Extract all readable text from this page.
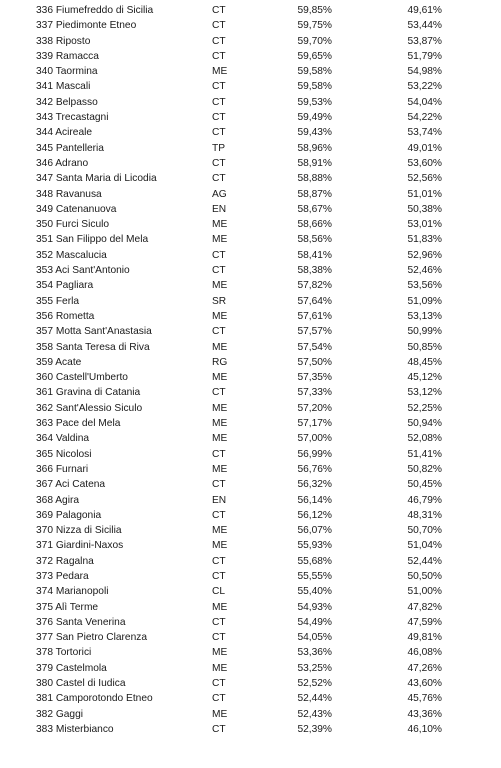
336 Fiumefreddo di Sicilia	CT	59,85%	49,61%
337 Piedimonte Etneo	CT	59,75%	53,44%
338 Riposto	CT	59,70%	53,87%
339 Ramacca	CT	59,65%	51,79%
340 Taormina	ME	59,58%	54,98%
341 Mascali	CT	59,58%	53,22%
342 Belpasso	CT	59,53%	54,04%
343 Trecastagni	CT	59,49%	54,22%
344 Acireale	CT	59,43%	53,74%
345 Pantelleria	TP	58,96%	49,01%
346 Adrano	CT	58,91%	53,60%
347 Santa Maria di Licodia	CT	58,88%	52,56%
348 Ravanusa	AG	58,87%	51,01%
349 Catenanuova	EN	58,67%	50,38%
350 Furci Siculo	ME	58,66%	53,01%
351 San Filippo del Mela	ME	58,56%	51,83%
352 Mascalucia	CT	58,41%	52,96%
353 Aci Sant'Antonio	CT	58,38%	52,46%
354 Pagliara	ME	57,82%	53,56%
355 Ferla	SR	57,64%	51,09%
356 Rometta	ME	57,61%	53,13%
357 Motta Sant'Anastasia	CT	57,57%	50,99%
358 Santa Teresa di Riva	ME	57,54%	50,85%
359 Acate	RG	57,50%	48,45%
360 Castell'Umberto	ME	57,35%	45,12%
361 Gravina di Catania	CT	57,33%	53,12%
362 Sant'Alessio Siculo	ME	57,20%	52,25%
363 Pace del Mela	ME	57,17%	50,94%
364 Valdina	ME	57,00%	52,08%
365 Nicolosi	CT	56,99%	51,41%
366 Furnari	ME	56,76%	50,82%
367 Aci Catena	CT	56,32%	50,45%
368 Agira	EN	56,14%	46,79%
369 Palagonia	CT	56,12%	48,31%
370 Nizza di Sicilia	ME	56,07%	50,70%
371 Giardini-Naxos	ME	55,93%	51,04%
372 Ragalna	CT	55,68%	52,44%
373 Pedara	CT	55,55%	50,50%
374 Marianopoli	CL	55,40%	51,00%
375 Alì Terme	ME	54,93%	47,82%
376 Santa Venerina	CT	54,49%	47,59%
377 San Pietro Clarenza	CT	54,05%	49,81%
378 Tortorici	ME	53,36%	46,08%
379 Castelmola	ME	53,25%	47,26%
380 Castel di Iudica	CT	52,52%	43,60%
381 Camporotondo Etneo	CT	52,44%	45,76%
382 Gaggi	ME	52,43%	43,36%
383 Misterbianco	CT	52,39%	46,10%
